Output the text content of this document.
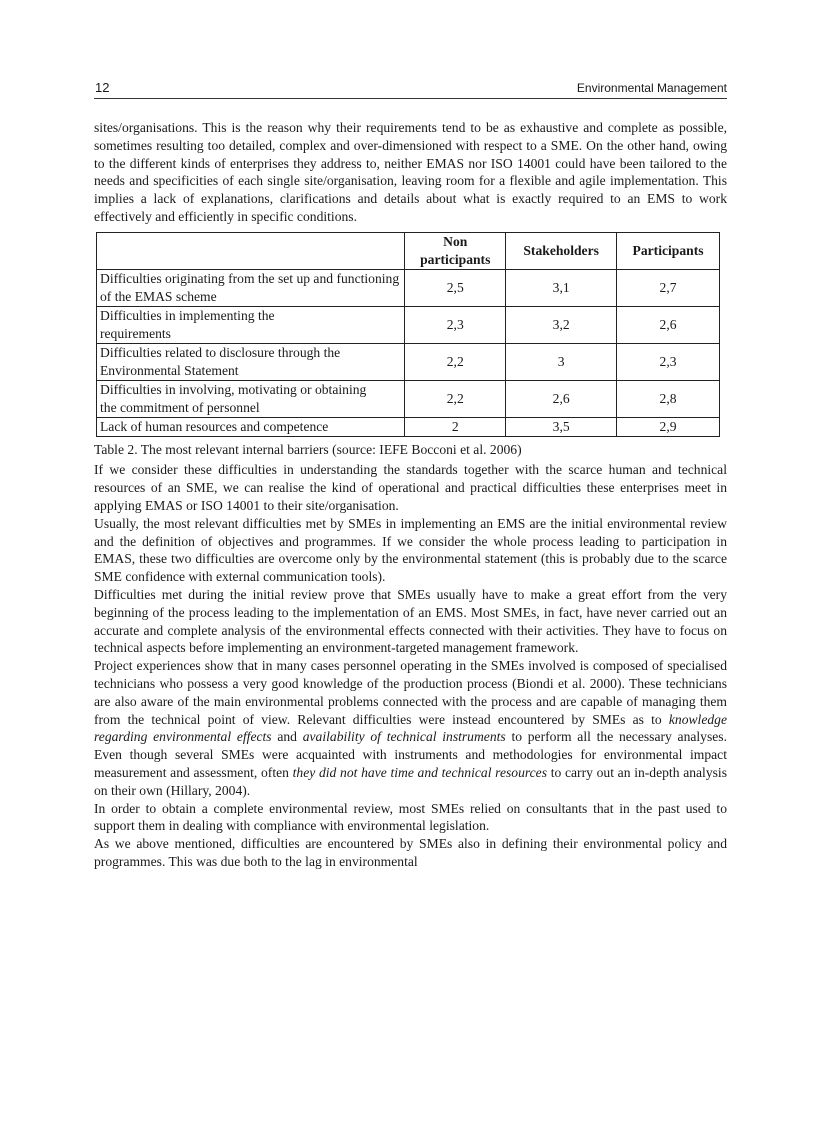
12	Environmental Management

sites/organisations. This is the reason why their requirements tend to be as exhaustive and complete as possible, sometimes resulting too detailed, complex and over-dimensioned with respect to a SME. On the other hand, owing to the different kinds of enterprises they address to, neither EMAS nor ISO 14001 could have been tailored to the needs and specificities of each single site/organisation, leaving room for a flexible and agile implementation. This implies a lack of explanations, clarifications and details about what is exactly required to an EMS to work effectively and efficiently in specific conditions.

	Non participants	Stakeholders	Participants
Difficulties originating from the set up and functioning of the EMAS scheme	2,5	3,1	2,7
Difficulties in implementing the requirements	2,3	3,2	2,6
Difficulties related to disclosure through the Environmental Statement	2,2	3	2,3
Difficulties in involving, motivating or obtaining the commitment of personnel	2,2	2,6	2,8
Lack of human resources and competence	2	3,5	2,9

Table 2. The most relevant internal barriers (source: IEFE Bocconi et al. 2006)

If we consider these difficulties in understanding the standards together with the scarce human and technical resources of an SME, we can realise the kind of operational and practical difficulties these enterprises meet in applying EMAS or ISO 14001 to their site/organisation.

Usually, the most relevant difficulties met by SMEs in implementing an EMS are the initial environmental review and the definition of objectives and programmes. If we consider the whole process leading to participation in EMAS, these two difficulties are overcome only by the environmental statement (this is probably due to the scarce SME confidence with external communication tools).

Difficulties met during the initial review prove that SMEs usually have to make a great effort from the very beginning of the process leading to the implementation of an EMS. Most SMEs, in fact, have never carried out an accurate and complete analysis of the environmental effects connected with their activities. They have to focus on technical aspects before implementing an environment-targeted management framework.

Project experiences show that in many cases personnel operating in the SMEs involved is composed of specialised technicians who possess a very good knowledge of the production process (Biondi et al. 2000). These technicians are also aware of the main environmental problems connected with the process and are capable of managing them from the technical point of view. Relevant difficulties were instead encountered by SMEs as to knowledge regarding environmental effects and availability of technical instruments to perform all the necessary analyses. Even though several SMEs were acquainted with instruments and methodologies for environmental impact measurement and assessment, often they did not have time and technical resources to carry out an in-depth analysis on their own (Hillary, 2004).

In order to obtain a complete environmental review, most SMEs relied on consultants that in the past used to support them in dealing with compliance with environmental legislation.

As we above mentioned, difficulties are encountered by SMEs also in defining their environmental policy and programmes. This was due both to the lag in environmental
